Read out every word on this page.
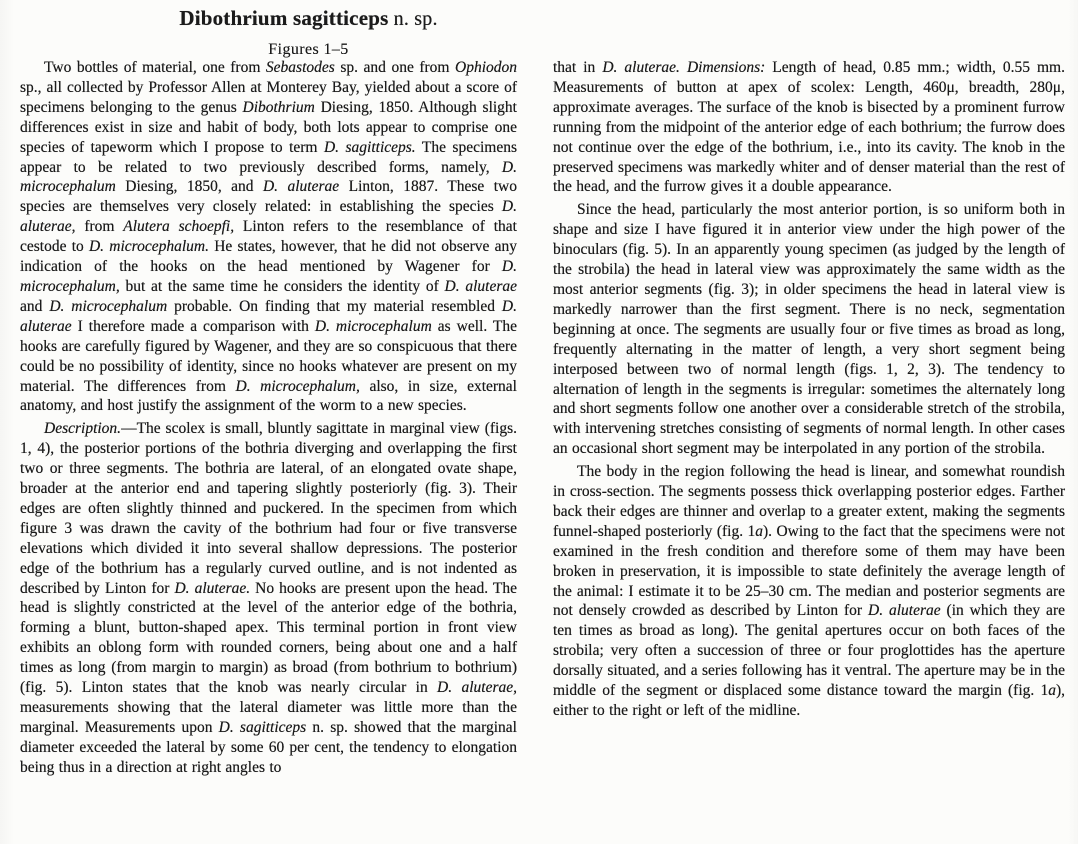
Dibothrium sagitticeps n. sp.
Figures 1–5

Two bottles of material, one from Sebastodes sp. and one from Ophiodon sp., all collected by Professor Allen at Monterey Bay, yielded about a score of specimens belonging to the genus Dibothrium Diesing, 1850. Although slight differences exist in size and habit of body, both lots appear to comprise one species of tapeworm which I propose to term D. sagitticeps. The specimens appear to be related to two previously described forms, namely, D. microcephalum Diesing, 1850, and D. aluterae Linton, 1887. These two species are themselves very closely related: in establishing the species D. aluterae, from Alutera schoepfi, Linton refers to the resemblance of that cestode to D. microcephalum. He states, however, that he did not observe any indication of the hooks on the head mentioned by Wagener for D. microcephalum, but at the same time he considers the identity of D. aluterae and D. microcephalum probable. On finding that my material resembled D. aluterae I therefore made a comparison with D. microcephalum as well. The hooks are carefully figured by Wagener, and they are so conspicuous that there could be no possibility of identity, since no hooks whatever are present on my material. The differences from D. microcephalum, also, in size, external anatomy, and host justify the assignment of the worm to a new species.

Description.—The scolex is small, bluntly sagittate in marginal view (figs. 1, 4), the posterior portions of the bothria diverging and overlapping the first two or three segments. The bothria are lateral, of an elongated ovate shape, broader at the anterior end and tapering slightly posteriorly (fig. 3). Their edges are often slightly thinned and puckered. In the specimen from which figure 3 was drawn the cavity of the bothrium had four or five transverse elevations which divided it into several shallow depressions. The posterior edge of the bothrium has a regularly curved outline, and is not indented as described by Linton for D. aluterae. No hooks are present upon the head. The head is slightly constricted at the level of the anterior edge of the bothria, forming a blunt, button-shaped apex. This terminal portion in front view exhibits an oblong form with rounded corners, being about one and a half times as long (from margin to margin) as broad (from bothrium to bothrium) (fig. 5). Linton states that the knob was nearly circular in D. aluterae, measurements showing that the lateral diameter was little more than the marginal. Measurements upon D. sagitticeps n. sp. showed that the marginal diameter exceeded the lateral by some 60 per cent, the tendency to elongation being thus in a direction at right angles to

that in D. aluterae. Dimensions: Length of head, 0.85 mm.; width, 0.55 mm. Measurements of button at apex of scolex: Length, 460μ, breadth, 280μ, approximate averages. The surface of the knob is bisected by a prominent furrow running from the midpoint of the anterior edge of each bothrium; the furrow does not continue over the edge of the bothrium, i.e., into its cavity. The knob in the preserved specimens was markedly whiter and of denser material than the rest of the head, and the furrow gives it a double appearance.

Since the head, particularly the most anterior portion, is so uniform both in shape and size I have figured it in anterior view under the high power of the binoculars (fig. 5). In an apparently young specimen (as judged by the length of the strobila) the head in lateral view was approximately the same width as the most anterior segments (fig. 3); in older specimens the head in lateral view is markedly narrower than the first segment. There is no neck, segmentation beginning at once. The segments are usually four or five times as broad as long, frequently alternating in the matter of length, a very short segment being interposed between two of normal length (figs. 1, 2, 3). The tendency to alternation of length in the segments is irregular: sometimes the alternately long and short segments follow one another over a considerable stretch of the strobila, with intervening stretches consisting of segments of normal length. In other cases an occasional short segment may be interpolated in any portion of the strobila.

The body in the region following the head is linear, and somewhat roundish in cross-section. The segments possess thick overlapping posterior edges. Farther back their edges are thinner and overlap to a greater extent, making the segments funnel-shaped posteriorly (fig. 1a). Owing to the fact that the specimens were not examined in the fresh condition and therefore some of them may have been broken in preservation, it is impossible to state definitely the average length of the animal: I estimate it to be 25–30 cm. The median and posterior segments are not densely crowded as described by Linton for D. aluterae (in which they are ten times as broad as long). The genital apertures occur on both faces of the strobila; very often a succession of three or four proglottides has the aperture dorsally situated, and a series following has it ventral. The aperture may be in the middle of the segment or displaced some distance toward the margin (fig. 1a), either to the right or left of the midline.
